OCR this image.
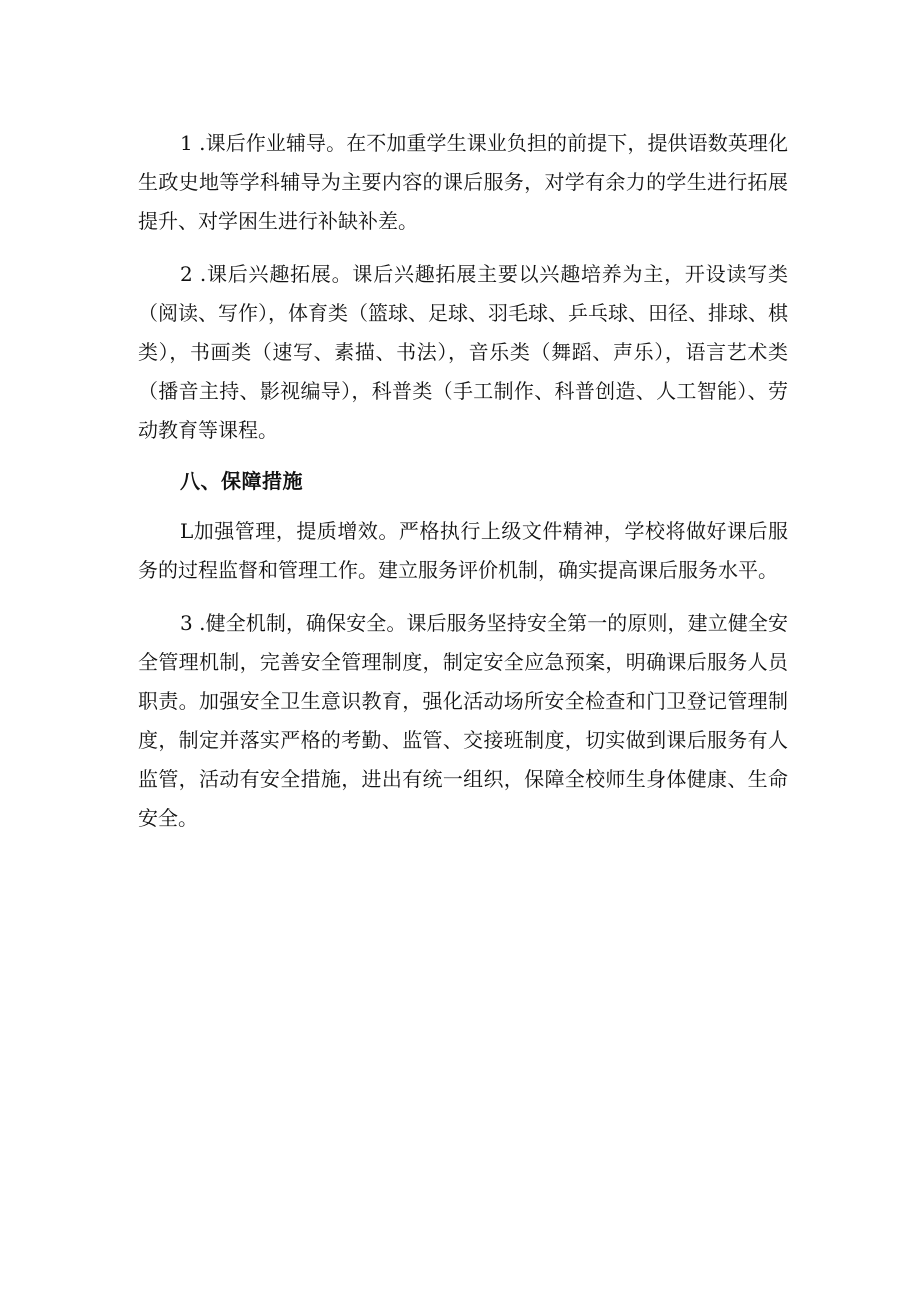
1 .课后作业辅导。在不加重学生课业负担的前提下，提供语数英理化生政史地等学科辅导为主要内容的课后服务，对学有余力的学生进行拓展提升、对学困生进行补缺补差。

2 .课后兴趣拓展。课后兴趣拓展主要以兴趣培养为主，开设读写类（阅读、写作），体育类（篮球、足球、羽毛球、乒乓球、田径、排球、棋类），书画类（速写、素描、书法），音乐类（舞蹈、声乐），语言艺术类（播音主持、影视编导），科普类（手工制作、科普创造、人工智能）、劳动教育等课程。

八、保障措施

L加强管理，提质增效。严格执行上级文件精神，学校将做好课后服务的过程监督和管理工作。建立服务评价机制，确实提高课后服务水平。

3 .健全机制，确保安全。课后服务坚持安全第一的原则，建立健全安全管理机制，完善安全管理制度，制定安全应急预案，明确课后服务人员职责。加强安全卫生意识教育，强化活动场所安全检查和门卫登记管理制度，制定并落实严格的考勤、监管、交接班制度，切实做到课后服务有人监管，活动有安全措施，进出有统一组织，保障全校师生身体健康、生命安全。
